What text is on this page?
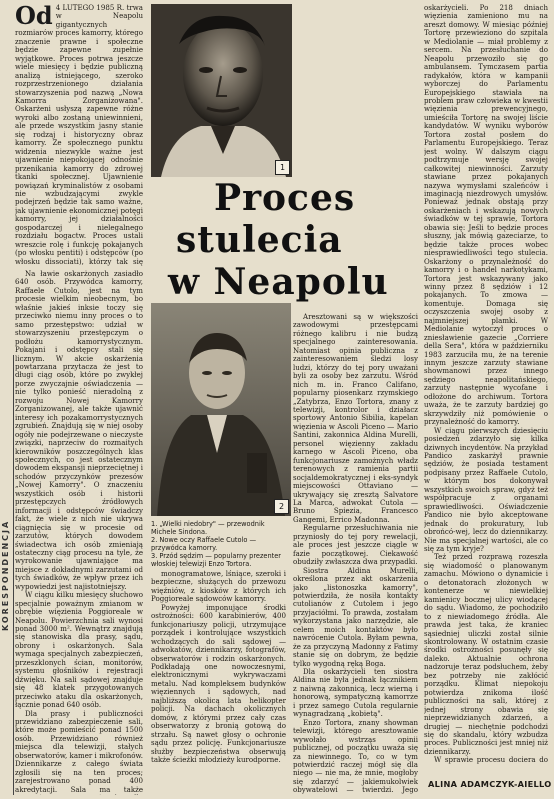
KORESPONDENCJA

Od 4 LUTEGO 1985 R. trwa w Neapolu gigantycznych rozmiarów proces kamorry, którego znaczenie prawne i społeczne będzie zapewne zupełnie wyjątkowe. Proces potrwa jeszcze wiele miesięcy i będzie publiczną analizą istniejącego, szeroko rozprzestrzenionego działania stowarzyszenia pod nazwą „Nowa Kamorra Zorganizowana". Oskarżeni usłyszą zapewne różne wyroki albo zostaną uniewinnieni, ale przede wszystkim jasny stanie się rodzaj i historyczny obraz kamorry. Ze społecznego punktu widzenia niezwykle ważne jest ujawnienie niepokojącej odnośnie przenikania kamorry do zdrowej tkanki społecznej. Ujawnienie powiązań kryminalistów z osobami nie wzbudzającymi zwykle podejrzeń będzie tak samo ważne, jak ujawnienie ekonomicznej potęgi kamorry, jej działalności gospodarczej i nielegalnego rozdziału bogactw. Proces ustali wreszcie rolę i funkcję pokajanych (po włosku pentiti) i odstępców (po włosku dissociati), którzy tak się

1
Proces
stulecia
w Neapolu

Na ławie oskarżonych zasiadło 640 osób. Przywódca kamorry, Raffaele Cutolo, jest na tym procesie wielkim nieobecnym, bo właśnie jakieś inksie toczy się przeciwko niemu inny proces o to samo przestępstwo: udział w stowarzyszeniu przestępczym o podłożu kamorrystycznym. Pokajani i odstępcy stali się licznym. W akcie oskarżenia powtarzana przytacza że jest to długi ciąg osób, które po zwykłej porze zwyczajnie oświadczenia — nie tylko ponieść nieradolną z rozwoju Nowej Kamorry Zorganizowanej, ale także ujawnić interesy ich pozakamorrystycznych zgrubień. Znajdują się w niej osoby ogóły nie podejrzewane o nieczyste związki, naprzeciw do rozmaitych kierowników poszczególnych klas społecznych, co jest ostatecznym dowodem ekspansji nieprzeciętnej i schodów przyczynków prezesów „Nowej Kamorry". O znaczeniu wszystkich osób i historii przestępczych źródłowych informacji i odstępców świadczy fakt, że wiele z nich nie ukrywa ciągnięcia się w procesie od zarzutów, których dowodem świadectwa ich osób zmieniają ostateczny ciąg procesu na tyle, że wyrokowanie ujawniające ma miejsce z dokładnymi zarzutami od tych świadków, że wpływ przez ich wypowiedzi jest najistotniejszy.

W ciągu kilku miesięcy słuchowo specjalnie poważnym zmianom w obrębie więzienia Poggioreale w Neapolu. Powierzchnia sali wynosi ponad 3000 m². Wewnątrz znajdują się stanowiska dla prasy, sądu, obrony i oskarżonych. Sala wymaga specjalnych zabezpieczeń, przeszklonych ścian, monitorów, systemu głośników i rejestracji dźwięku. Na sali sądowej znajduje się 48 klatek przygotowanych przeciwko ataku dla oskarżonych, łącznie ponad 640 osób.

Dla prasy i publiczności przewidziano zabezpieczenie sali, które może pomieścić ponad 1500 osób. Przewidziano również miejsca dla telewizji, stałych obserwatorów, kamer i mikrofonów. Dziennikarze z całego świata zgłosili się na ten proces; zarejestrowano ponad 400 akredytacji. Sala ma także

2
1. „Wielki niedobry" — przewodnik Michele Sindona.
2. Nowe oczy Raffaele Cutolo — przywódca kamorry.
3. Przód sędzim — popularny prezenter włoskiej telewizji Enzo Tortora.

monogramatowe, lśniące, szeroki i bezpieczne, służących do przewozu więźniów, z kiosków z których ich Poggioreale sądowców kamorry.

Powyżej imponujące środki ostrożności: 600 karabinierów, 400 funkcjonariuszy policji, utrzymujące porządek i kontrolujące wszystkich wchodzących do sali sądowej — adwokatów, dziennikarzy, fotografów, obserwatorów i rodzin oskarżonych. Podkładają one nowoczesnymi, elektronicznymi wykrywaczami metalu. Nad kompleksem budynków więziennych i sądowych, nad najbliższą okolicą lata helikopter policji. Na dachach okolicznych domów, z którymi przez cały czas obserwatorzy z bronią gotową do strzału. Są nawet głosy o ochronie sądu przez policję. Funkcjonariusze służby bezpieczeństwa obserwują także ścieżki młodzieży kurodporne.

Aresztowani są w większości zawodowymi przestępcami różnego kalibru i nie budzą specjalnego zainteresowania. Natomiast opinia publiczna z zainteresowaniem śledzi losy ludzi, którzy do tej pory uważani byli za osoby bez zarzutu. Wśród nich m. in. Franco Califano, popularny piosenkarz rzymskiego „Zatybrza, Enzo Tortora, znany z telewizji, kontrolor i działacz sportowy Antonio Sibilia, kapelan więzienia w Ascoli Piceno — Mario Santini, zakonnica Aldina Murelli, personel więzienny zakładu karnego w Ascoli Piceno, oba funkcjonariusze zamożnych władz terenowych z ramienia partii socjaldemokratycznej i eks-syndyk miejscowości Ottaviano — ukrywający się zresztą Salvatore La Marca, adwokat Cutola — Bruno Spiezia, Francesco Gangemi, Errico Madonna.

Regularne przesłuchiwania nie przyniosły do tej pory rewelacji, ale proces jest jeszcze ciągle w fazie początkowej. Ciekawość obudziły zwłaszcza dwa przypadki.

Siostra Aldina Murelli, określona przez akt oskarżenia jako „listonoszka kamorry", potwierdziła, że nosiła kontakty cutolianów z Cutolem i jego przyjaciółmi. To prawda, zostałam wykorzystana jako narzędzie, ale celem moich kontaktów było nawrócenie Cutola. Byłam pewna, że za przyczyną Madonny z Fatimy stanie się on dobrym, że będzie tylko wygodną ręką Boga.

Dla oskarżycieli ten siostra Aldina nie była jednak łącznikiem z naiwną zakonnicą, lecz wierną i honorową, sympatyczną kamorrze i przez samego Cutola regularnie wynagradzaną „kobietą".

Enzo Tortora, znany showman telewizji, którego aresztowanie wywołało wstrząs opinii publicznej, od początku uważa się za niewinnego. To, co w tym potwierdzić raczej mógł się dla niego — nie ma, że mnie, mogłoby się zdarzyć — jakiemukolwiek obywatelowi — twierdzi. Jego

oskarżycieli. Po 218 dniach więzienia zamieniono mu na areszt domowy. W miesiąc później Tortorę przewieziono do szpitala w Mediolanie — miał problemy z sercem. Na przesłuchanie do Neapolu przewoziło się go ambulansem. Tymczasem partia radykałów, która w kampanii wyborczej do Parlamentu Europejskiego stawiała na problem praw człowieka w kwestii więzienia prewencyjnego, umieściła Tortorę na swojej liście kandydatów. W wyniku wyborów Tortora został posłem do Parlamentu Europejskiego. Teraz jest wolny. W dalszym ciągu podtrzymuje wersję swojej całkowitej niewinności. Zarzuty stawiane przez pokajanych nazywa wymysłami szaleńców i imaginacją niezdrowych umysłów. Ponieważ jednak obstają przy oskarżeniach i wskazują nowych świadków w tej sprawie, Tortora obawia się: Jeśli to będzie proces słuszny, jak mówią gazeciarze, to będzie także proces wobec niesprawiedliwości tego stulecia. Oskarżony o przynależność do kamorry i o handel narkotykami, Tortora jest wskazywany jako winny przez 8 sędziów i 12 pokajanych. To zmowa — komentuje. Domaga się oczyszczenia swojej osoby z najmniejszej plamki. W Mediolanie wytoczył proces o zniesławienie gazecie „Corriere della Sera", która w październiku 1983 zarzuciła mu, że na terenie innym jeszcze zarzuty stawiane showmanowi przez innego sędziego neapolitańskiego, zarzuty następnie wycofane i odłożone do archiwum. Tortora uważa, że te zarzuty bardziej go skrzywdziły niż pomówienie o przynależność do kamorry.

W ciągu pierwszych dziesięciu posiedzeń zdarzyło się kilka dziwnych incydentów. Na przykład Pandico zaskarżył prawnie sędziów, że posiada testament podpisany przez Raffaele Cutolo, w którym bos dokonywał wszystkich swoich spraw, gdyż też współpracuje z organami sprawiedliwości. Oświadczenie Pandico nie było akceptowane jednak do prokuratury, lub obrońcó-wej, lecz do dziennikarzy. Nie ma specjalnej wartości, ale co się za tym kryje?

Też przed rozprawą rozeszła się wiadomość o planowanym zamachu. Mówiono o dynamicie i o detonatorach złożonych w kontenerze w niewielkiej kamienicy bocznej ulicy wiodącej do sądu. Wiadomo, że pochodziło to z niewiadomego źródła. Ale prawda jest taka, że kraniec sąsiedniej uliczki został silnie skontrolowany. W ostatnim czasie środki ostrożności posunęły się daleko. Aktualnie ochrona nadzoruje teraz podsłuchem, żeby bez potrzeby nie zakłócić porządku. Klimat niepokoju potwierdza znikoma ilość publiczności na sali, której z jednej strony obawia się nieprzewidzianych zdarzeń, a drugiej — niechętnie podchodzi się do skandalu, który wzbudza proces. Publiczności jest mniej niż dziennikarzy.

W sprawie procesu dociera do

ALINA ADAMCZYK-AIELLO
